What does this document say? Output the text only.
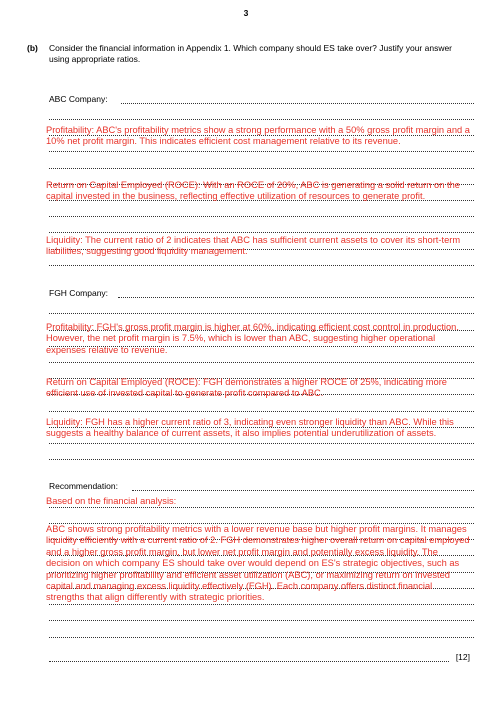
3
(b) Consider the financial information in Appendix 1. Which company should ES take over? Justify your answer using appropriate ratios.
ABC Company:
Profitability: ABC's profitability metrics show a strong performance with a 50% gross profit margin and a 10% net profit margin. This indicates efficient cost management relative to its revenue.
Return on Capital Employed (ROCE): With an ROCE of 20%, ABC is generating a solid return on the capital invested in the business, reflecting effective utilization of resources to generate profit.
Liquidity: The current ratio of 2 indicates that ABC has sufficient current assets to cover its short-term liabilities, suggesting good liquidity management.
FGH Company:
Profitability: FGH's gross profit margin is higher at 60%, indicating efficient cost control in production. However, the net profit margin is 7.5%, which is lower than ABC, suggesting higher operational expenses relative to revenue.
Return on Capital Employed (ROCE): FGH demonstrates a higher ROCE of 25%, indicating more efficient use of invested capital to generate profit compared to ABC.
Liquidity: FGH has a higher current ratio of 3, indicating even stronger liquidity than ABC. While this suggests a healthy balance of current assets, it also implies potential underutilization of assets.
Recommendation:
Based on the financial analysis:
ABC shows strong profitability metrics with a lower revenue base but higher profit margins. It manages liquidity efficiently with a current ratio of 2. FGH demonstrates higher overall return on capital employed and a higher gross profit margin, but lower net profit margin and potentially excess liquidity. The decision on which company ES should take over would depend on ES's strategic objectives, such as prioritizing higher profitability and efficient asset utilization (ABC), or maximizing return on invested capital and managing excess liquidity effectively (FGH). Each company offers distinct financial strengths that align differently with strategic priorities.
[12]
